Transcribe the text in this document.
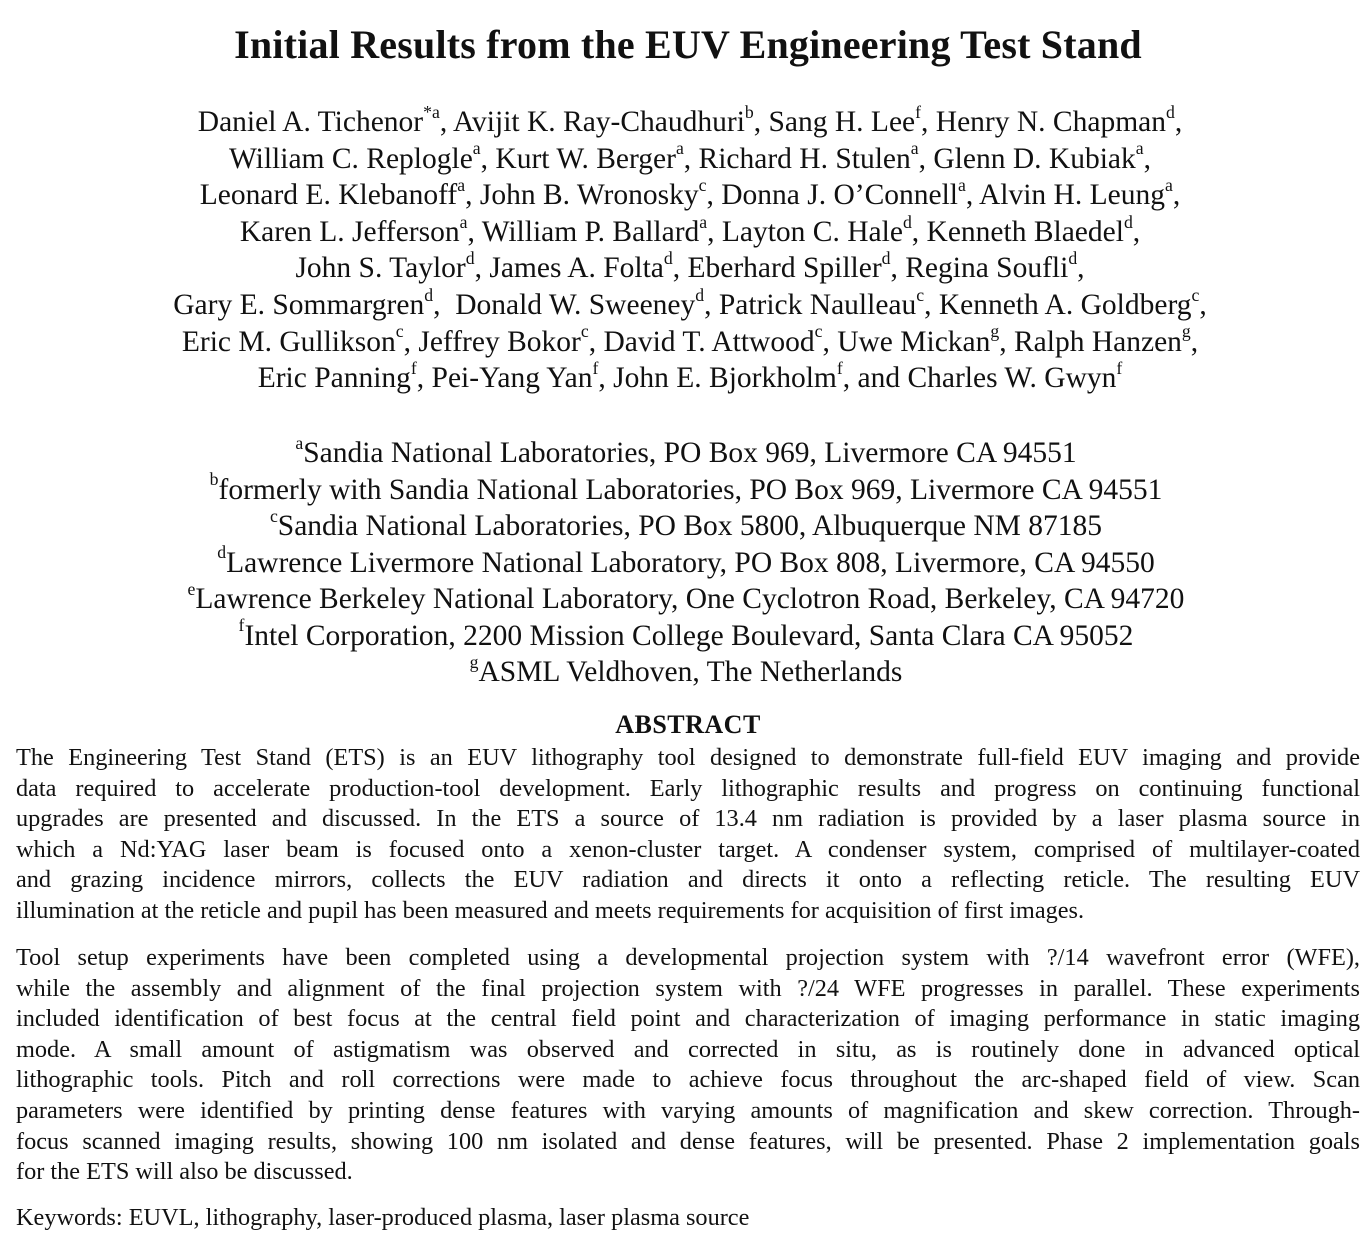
Initial Results from the EUV Engineering Test Stand
Daniel A. Tichenor$^{*a}$, Avijit K. Ray-Chaudhuri$^b$, Sang H. Lee$^f$, Henry N. Chapman$^d$,
William C. Replogle$^a$, Kurt W. Berger$^a$, Richard H. Stulen$^a$, Glenn D. Kubiak$^a$,
Leonard E. Klebanoff$^a$, John B. Wronosky$^c$, Donna J. O’Connell$^a$, Alvin H. Leung$^a$,
Karen L. Jefferson$^a$, William P. Ballard$^a$, Layton C. Hale$^d$, Kenneth Blaedel$^d$,
John S. Taylor$^d$, James A. Folta$^d$, Eberhard Spiller$^d$, Regina Soufli$^d$,
Gary E. Sommargren$^d$,  Donald W. Sweeney$^d$, Patrick Naulleau$^c$, Kenneth A. Goldberg$^c$,
Eric M. Gullikson$^c$, Jeffrey Bokor$^c$, David T. Attwood$^c$, Uwe Mickan$^g$, Ralph Hanzen$^g$,
Eric Panning$^f$, Pei-Yang Yan$^f$, John E. Bjorkholm$^f$, and Charles W. Gwyn$^f$
$^a$Sandia National Laboratories, PO Box 969, Livermore CA 94551
$^b$formerly with Sandia National Laboratories, PO Box 969, Livermore CA 94551
$^c$Sandia National Laboratories, PO Box 5800, Albuquerque NM 87185
$^d$Lawrence Livermore National Laboratory, PO Box 808, Livermore, CA 94550
$^e$Lawrence Berkeley National Laboratory, One Cyclotron Road, Berkeley, CA 94720
$^f$Intel Corporation, 2200 Mission College Boulevard, Santa Clara CA 95052
$^g$ASML Veldhoven, The Netherlands
ABSTRACT
The Engineering Test Stand (ETS) is an EUV lithography tool designed to demonstrate full-field EUV imaging and provide
data required to accelerate production-tool development. Early lithographic results and progress on continuing functional
upgrades are presented and discussed. In the ETS a source of 13.4 nm radiation is provided by a laser plasma source in
which a Nd:YAG laser beam is focused onto a xenon-cluster target. A condenser system, comprised of multilayer-coated
and grazing incidence mirrors, collects the EUV radiation and directs it onto a reflecting reticle. The resulting EUV
illumination at the reticle and pupil has been measured and meets requirements for acquisition of first images.
Tool setup experiments have been completed using a developmental projection system with ?/14 wavefront error (WFE),
while the assembly and alignment of the final projection system with ?/24 WFE progresses in parallel. These experiments
included identification of best focus at the central field point and characterization of imaging performance in static imaging
mode. A small amount of astigmatism was observed and corrected in situ, as is routinely done in advanced optical
lithographic tools. Pitch and roll corrections were made to achieve focus throughout the arc-shaped field of view. Scan
parameters were identified by printing dense features with varying amounts of magnification and skew correction. Through-
focus scanned imaging results, showing 100 nm isolated and dense features, will be presented. Phase 2 implementation goals
for the ETS will also be discussed.
Keywords: EUVL, lithography, laser-produced plasma, laser plasma source
